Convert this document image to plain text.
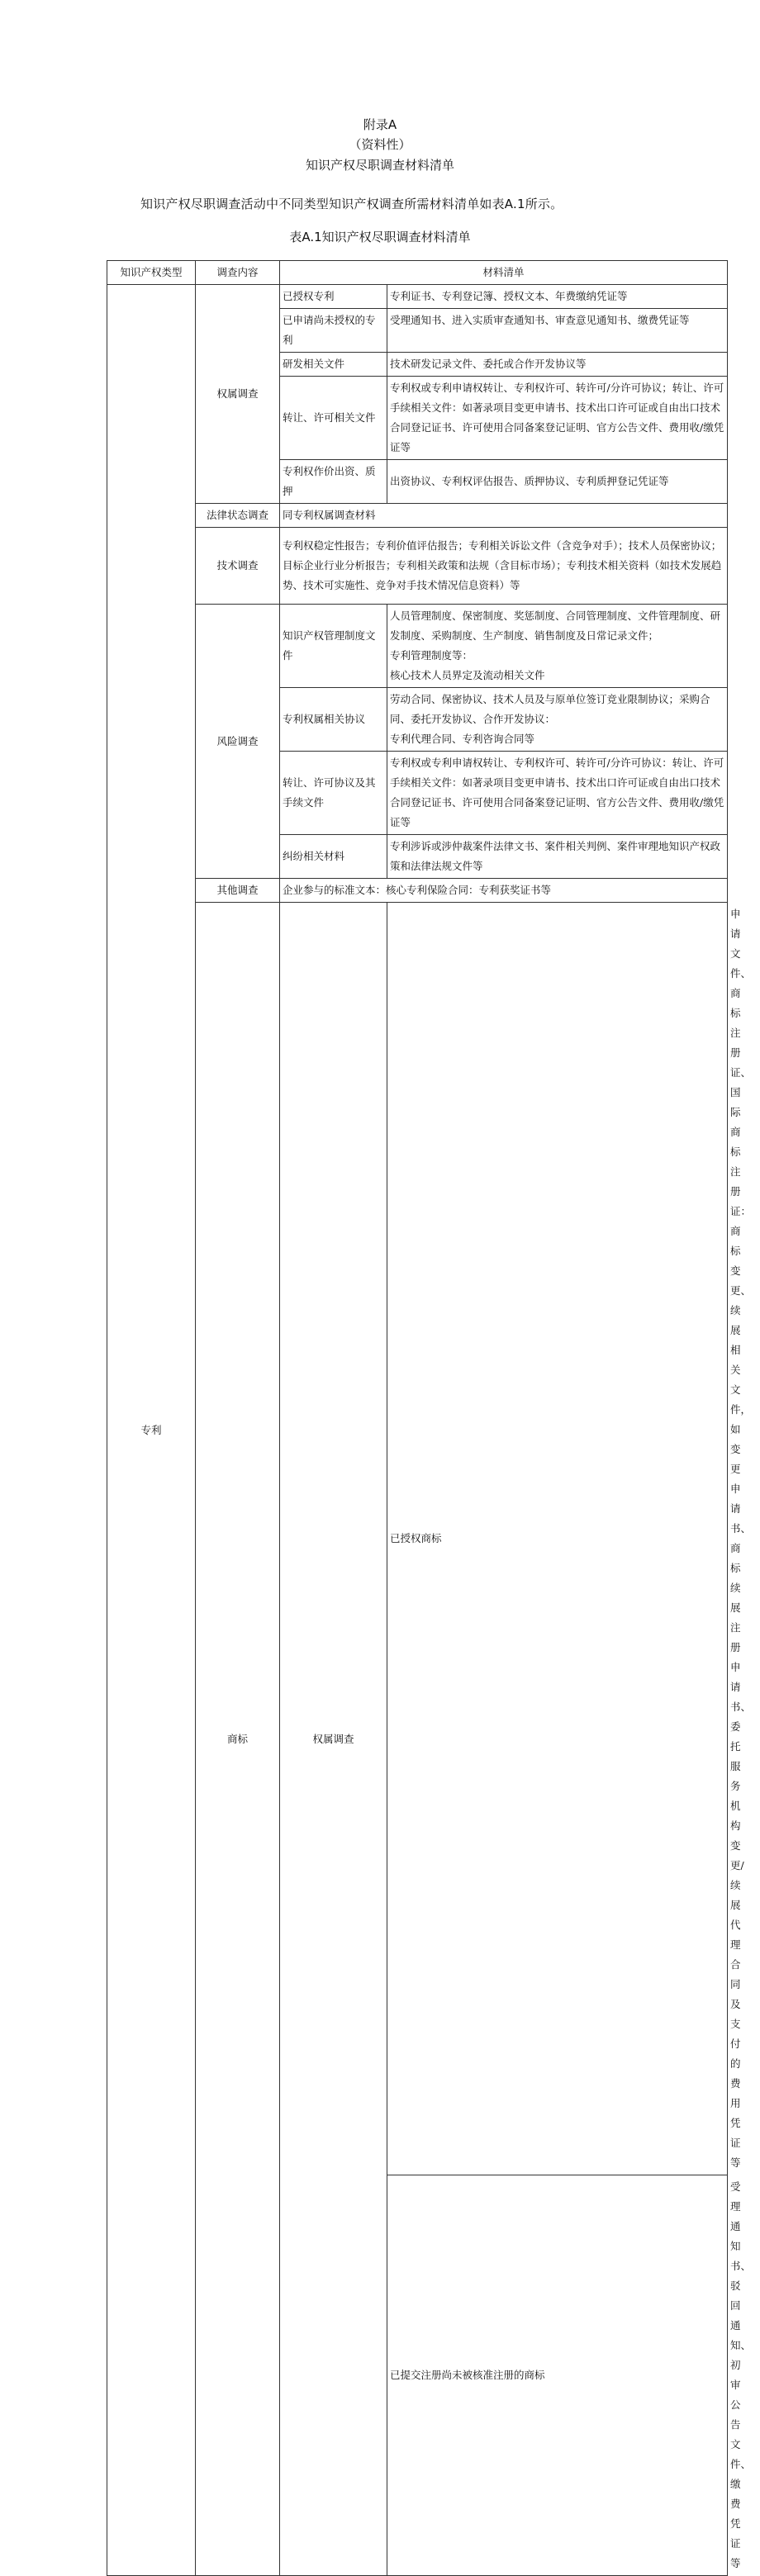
附录A
（资料性）
知识产权尽职调查材料清单
知识产权尽职调查活动中不同类型知识产权调查所需材料清单如表A.1所示。
表A.1知识产权尽职调查材料清单
知识产权类型	调查内容	材料清单		
专利	权属调查	已授权专利	专利证书、专利登记簿、授权文本、年费缴纳凭证等	
		已申请尚未授权的专利	受理通知书、进入实质审查通知书、审查意见通知书、缴费凭证等	
		研发相关文件	技术研发记录文件、委托或合作开发协议等	
		转让、许可相关文件	专利权或专利申请权转让、专利权许可、转许可/分许可协议；转让、许可手续相关文件：如著录项目变更申请书、技术出口许可证或自由出口技术合同登记证书、许可使用合同备案登记证明、官方公告文件、费用收/缴凭证等	
		专利权作价出资、质押	出资协议、专利权评估报告、质押协议、专利质押登记凭证等	
	法律状态调查	同专利权属调查材料		
	技术调查	专利权稳定性报告；专利价值评估报告；专利相关诉讼文件（含竞争对手）；技术人员保密协议；目标企业行业分析报告；专利相关政策和法规（含目标市场）；专利技术相关资料（如技术发展趋势、技术可实施性、竞争对手技术情况信息资料）等		
	风险调查	知识产权管理制度文件	人员管理制度、保密制度、奖惩制度、合同管理制度、文件管理制度、研发制度、采购制度、生产制度、销售制度及日常记录文件；
专利管理制度等：
核心技术人员界定及流动相关文件	

		专利权属相关协议	劳动合同、保密协议、技术人员及与原单位签订竞业限制协议；采购合同、委托开发协议、合作开发协议：
专利代理合同、专利咨询合同等	

		转让、许可协议及其手续文件	专利权或专利申请权转让、专利权许可、转许可/分许可协议：转让、许可手续相关文件：如著录项目变更申请书、技术出口许可证或自由出口技术合同登记证书、许可使用合同备案登记证明、官方公告文件、费用收/缴凭证等	
		纠纷相关材料	专利涉诉或涉仲裁案件法律文书、案件相关判例、案件审理地知识产权政策和法律法规文件等	
	其他调查	企业参与的标准文本：核心专利保险合同：专利获奖证书等		
	商标	权属调查	已授权商标	申请文件、商标注册证、国际商标注册证：
商标变更、续展相关文件，如变更申请书、商标续展注册申请书、委托服务机构变更/续展代理合同及支付的费用凭证等

			已提交注册尚未被核准注册的商标	受理通知书、驳回通知、初审公告文件、缴费凭证等
